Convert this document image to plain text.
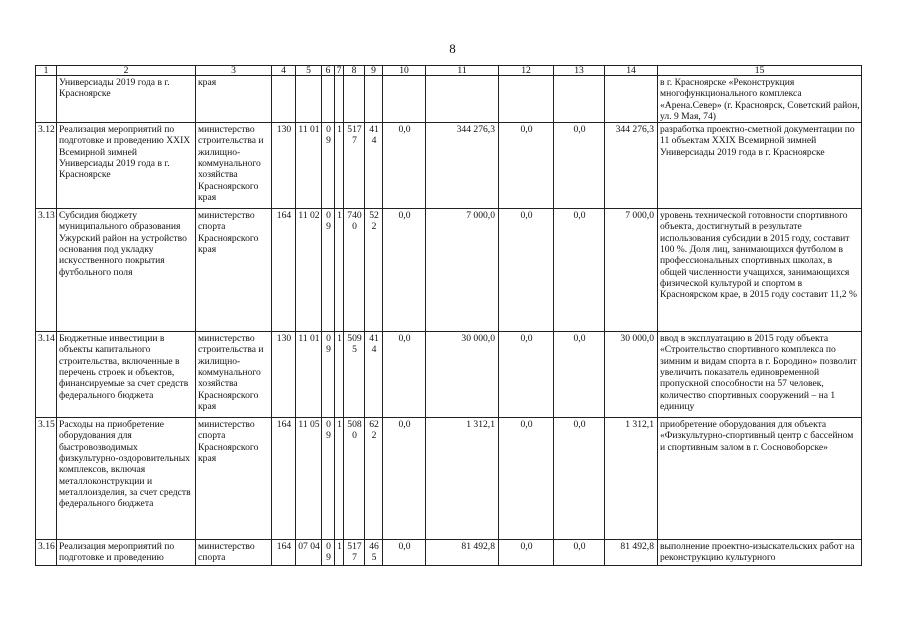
8
1	2	3	4	5	6	7	8	9	10	11	12	13	14	15
	Универсиады 2019 года в г. Красноярске	края												в г. Красноярске «Реконструкция многофункционального комплекса «Арена.Север» (г. Красноярск, Советский район, ул. 9 Мая, 74)
3.12	Реализация мероприятий по подготовке и проведению XXIX Всемирной зимней Универсиады 2019 года в г. Красноярске	министерство строительства и жилищно-коммунального хозяйства Красноярского края	130	11 01	09	1	5177	414	0,0	344 276,3	0,0	0,0	344 276,3	разработка проектно-сметной документации по 11 объектам XXIX Всемирной зимней Универсиады 2019 года в г. Красноярске
3.13	Субсидия бюджету муниципального образования Ужурский район на устройство основания под укладку искусственного покрытия футбольного поля	министерство спорта Красноярского края	164	11 02	09	1	7400	522	0,0	7 000,0	0,0	0,0	7 000,0	уровень технической готовности спортивного объекта, достигнутый в результате использования субсидии в 2015 году, составит 100 %. Доля лиц, занимающихся футболом в профессиональных спортивных школах, в общей численности учащихся, занимающихся физической культурой и спортом в Красноярском крае, в 2015 году составит 11,2 %
3.14	Бюджетные инвестиции в объекты капитального строительства, включенные в перечень строек и объектов, финансируемые за счет средств федерального бюджета	министерство строительства и жилищно-коммунального хозяйства Красноярского края	130	11 01	09	1	5095	414	0,0	30 000,0	0,0	0,0	30 000,0	ввод в эксплуатацию в 2015 году объекта «Строительство спортивного комплекса по зимним и видам спорта в г. Бородино» позволит увеличить показатель единовременной пропускной способности на 57 человек, количество спортивных сооружений – на 1 единицу
3.15	Расходы на приобретение оборудования для быстровозводимых физкультурно-оздоровительных комплексов, включая металлоконструкции и металлоизделия, за счет средств федерального бюджета	министерство спорта Красноярского края	164	11 05	09	1	5080	622	0,0	1 312,1	0,0	0,0	1 312,1	приобретение оборудования для объекта «Физкультурно-спортивный центр с бассейном и спортивным залом в г. Сосновоборске»
3.16	Реализация мероприятий по подготовке и проведению	министерство спорта	164	07 04	09	1	5177	465	0,0	81 492,8	0,0	0,0	81 492,8	выполнение проектно-изыскательских работ на реконструкцию культурного
